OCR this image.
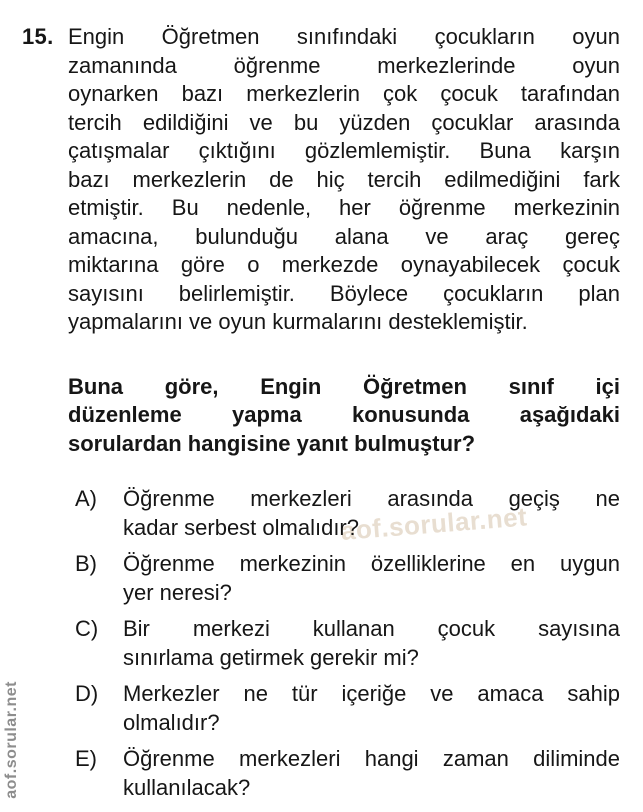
aof.sorular.net
aof.sorular.net
15. Engin Öğretmen sınıfındaki çocukların oyun
zamanında öğrenme merkezlerinde oyun
oynarken bazı merkezlerin çok çocuk tarafından
tercih edildiğini ve bu yüzden çocuklar arasında
çatışmalar çıktığını gözlemlemiştir. Buna karşın
bazı merkezlerin de hiç tercih edilmediğini fark
etmiştir. Bu nedenle, her öğrenme merkezinin
amacına, bulunduğu alana ve araç gereç
miktarına göre o merkezde oynayabilecek çocuk
sayısını belirlemiştir. Böylece çocukların plan
yapmalarını ve oyun kurmalarını desteklemiştir.
Buna göre, Engin Öğretmen sınıf içi
düzenleme yapma konusunda aşağıdaki
sorulardan hangisine yanıt bulmuştur?
A)	Öğrenme merkezleri arasında geçiş ne
kadar serbest olmalıdır?
B)	Öğrenme merkezinin özelliklerine en uygun
yer neresi?
C)	Bir merkezi kullanan çocuk sayısına
sınırlama getirmek gerekir mi?
D)	Merkezler ne tür içeriğe ve amaca sahip
olmalıdır?
E)	Öğrenme merkezleri hangi zaman diliminde
kullanılacak?
